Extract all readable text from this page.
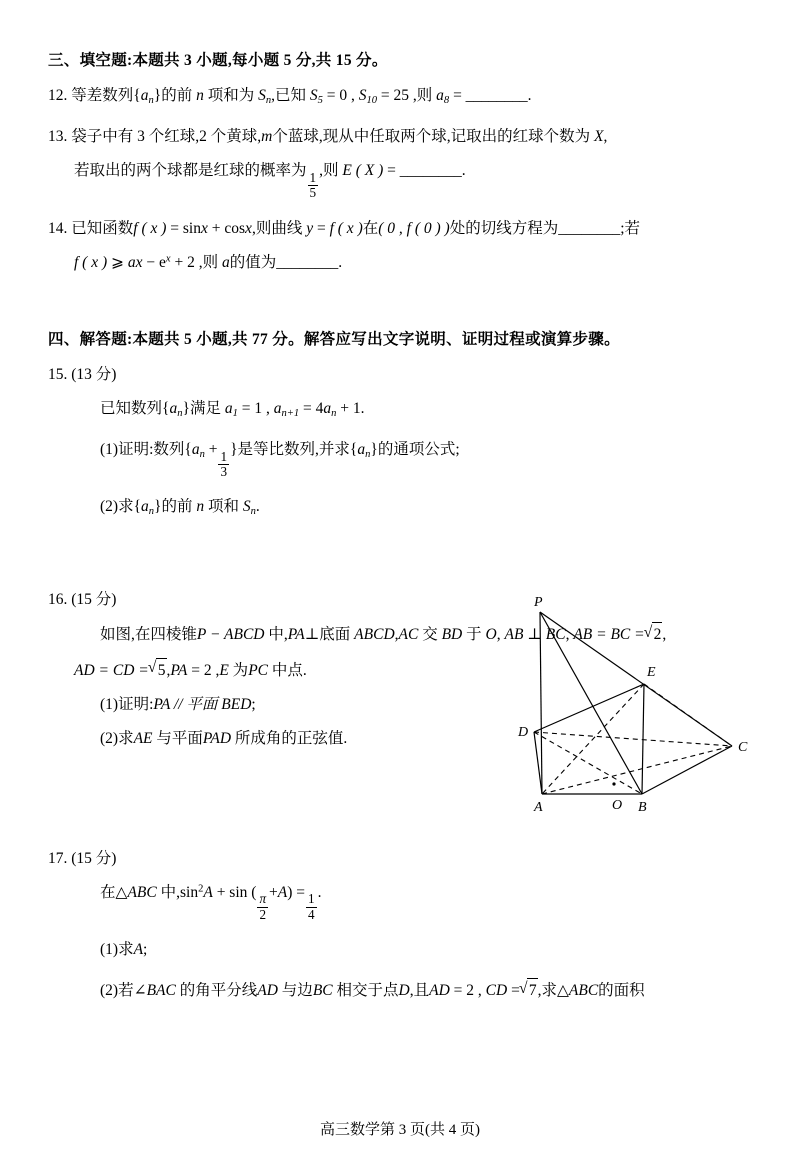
三、填空题:本题共 3 小题,每小题 5 分,共 15 分。
12. 等差数列$\{a_n\}$的前 n 项和为 $S_n$,已知 $S_5 = 0$ , $S_{10} = 25$ ,则 $a_8$ = ________.
13. 袋子中有 3 个红球,2 个黄球,m个蓝球,现从中任取两个球,记取出的红球个数为 X,
若取出的两个球都是红球的概率为
$\frac{1}{5}$
,则 E ( X ) = ________.
14. 已知函数f ( x ) = sinx + cosx,则曲线 y = f ( x )在( 0 , f ( 0 ) )处的切线方程为________;若
f ( x ) ⩾ ax − $e^x + 2$ ,则 a的值为________.
四、解答题:本题共 5 小题,共 77 分。解答应写出文字说明、证明过程或演算步骤。
15. (13 分)
已知数列$\{a_n\}$满足 $a_1 = 1$ , $a_{n+1} = 4a_n + 1$.
(1)证明:数列{$a_n$ +
$\frac{1}{3}$
}是等比数列,并求$\{a_n\}$的通项公式;
(2)求$\{a_n\}$的前 n 项和 $S_n$.
16. (15 分)
如图,在四棱锥P − ABCD 中,PA⊥底面 ABCD,AC 交 BD 于 O, AB ⊥ BC, AB = BC = √ 2,
AD = CD = √ 5,PA = 2 ,E 为PC 中点.
(1)证明:PA // 平面 BED;
(2)求AE 与平面PAD 所成角的正弦值.
P
E
D
C
A	O B
17. (15 分)
在△ABC 中$,\sin^2A + \sin$ (
$\frac{\pi}{2}$
+A) =
$\frac{1}{4}$
.
(1)求A;
(2)若∠BAC 的角平分线AD 与边BC 相交于点D,且AD = 2 , CD = √ 7,求△ABC的面积
高三数学第 3 页(共 4 页)
